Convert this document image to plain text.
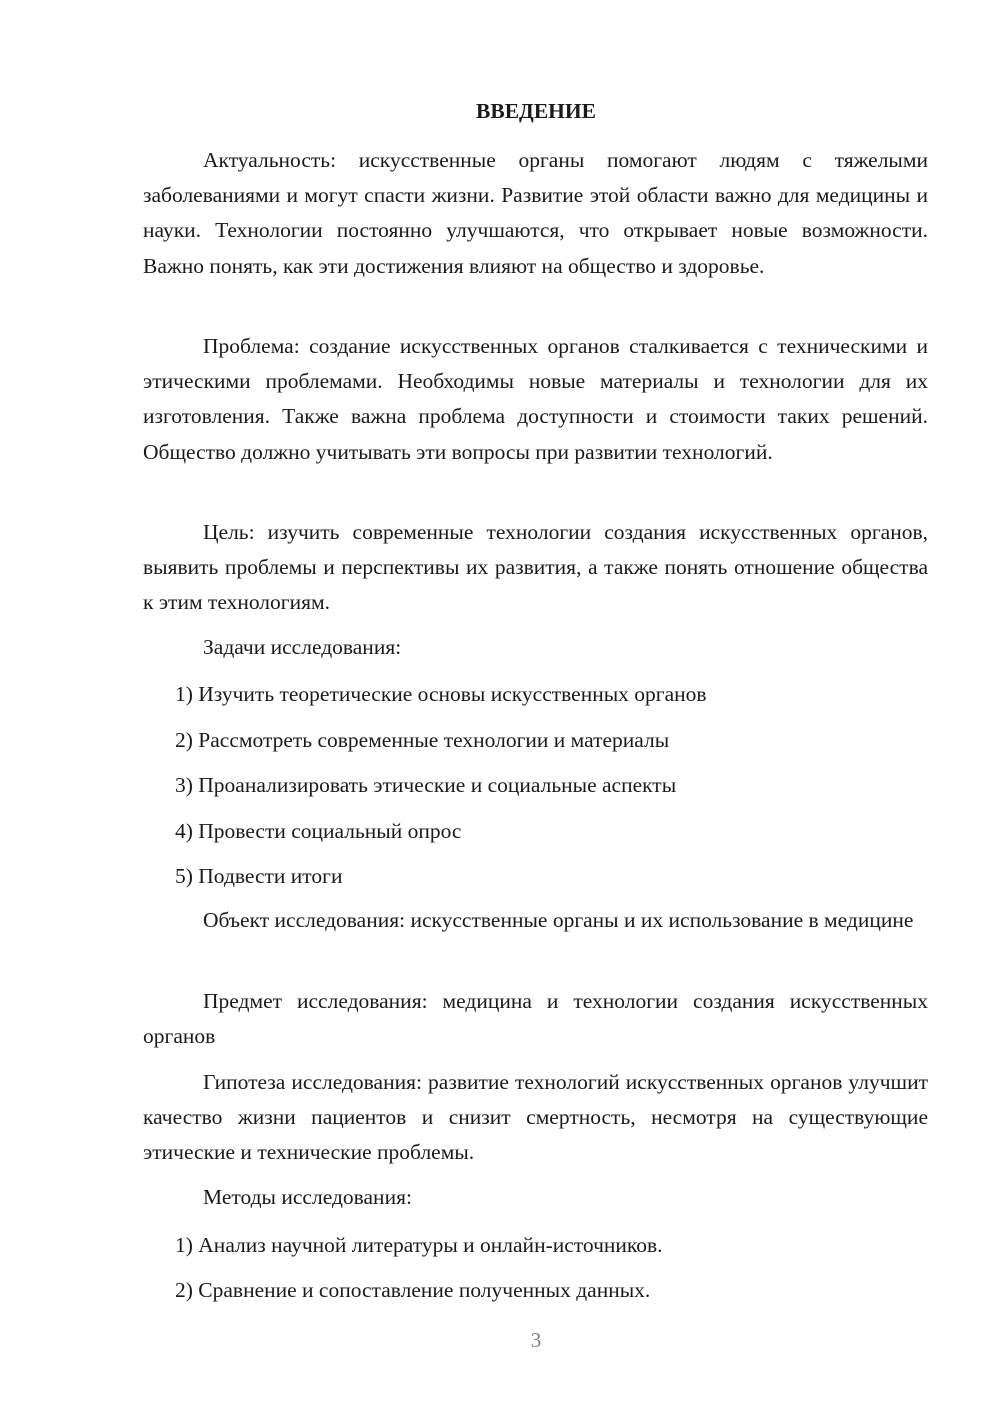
ВВЕДЕНИЕ

Актуальность: искусственные органы помогают людям с тяжелыми заболеваниями и могут спасти жизни. Развитие этой области важно для медицины и науки. Технологии постоянно улучшаются, что открывает новые возможности. Важно понять, как эти достижения влияют на общество и здоровье.

Проблема: создание искусственных органов сталкивается с техническими и этическими проблемами. Необходимы новые материалы и технологии для их изготовления. Также важна проблема доступности и стоимости таких решений. Общество должно учитывать эти вопросы при развитии технологий.

Цель: изучить современные технологии создания искусственных органов, выявить проблемы и перспективы их развития, а также понять отношение общества к этим технологиям.

Задачи исследования:

1) Изучить теоретические основы искусственных органов

2) Рассмотреть современные технологии и материалы

3) Проанализировать этические и социальные аспекты

4) Провести социальный опрос

5) Подвести итоги

Объект исследования: искусственные органы и их использование в медицине

Предмет исследования: медицина и технологии создания искусственных органов

Гипотеза исследования: развитие технологий искусственных органов улучшит качество жизни пациентов и снизит смертность, несмотря на существующие этические и технические проблемы.

Методы исследования:

1) Анализ научной литературы и онлайн-источников.

2) Сравнение и сопоставление полученных данных.

3
